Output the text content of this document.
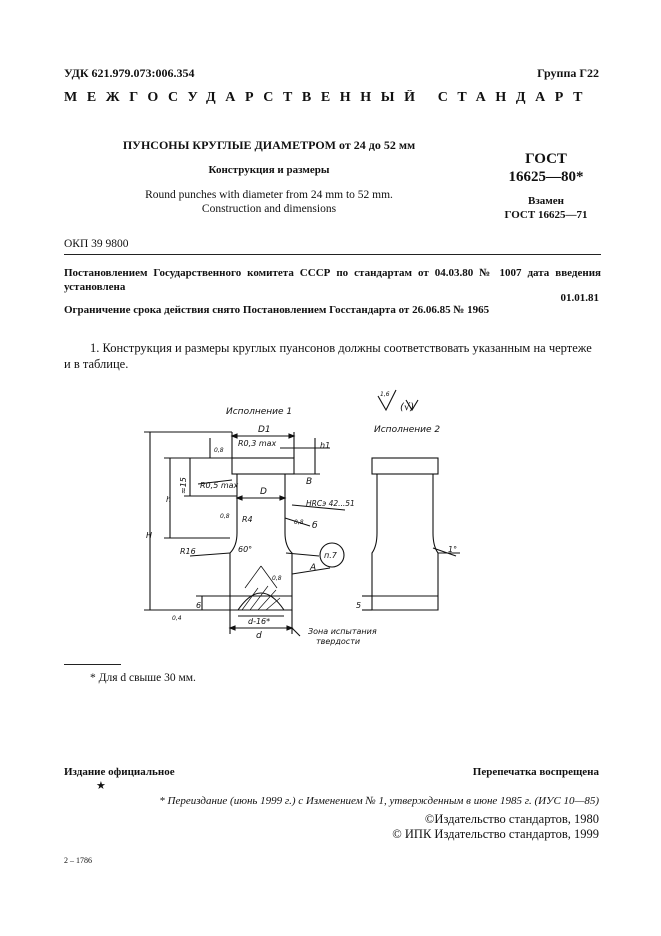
УДК 621.979.073:006.354	Группа Г22
МЕЖГОСУДАРСТВЕННЫЙ СТАНДАРТ
ПУНСОНЫ КРУГЛЫЕ ДИАМЕТРОМ от 24 до 52 мм
Конструкция и размеры
Round punches with diameter from 24 mm to 52 mm.
Construction and dimensions
ГОСТ
16625—80*
Взамен
ГОСТ 16625—71
ОКП 39 9800
Постановлением Государственного комитета СССР по стандартам от 04.03.80 № 1007 дата введения
установлена
01.01.81
Ограничение срока действия снято Постановлением Госстандарта от 26.06.85 № 1965
1. Конструкция и размеры круглых пуансонов должны соответствовать указанным на чертеже и в таблице.
Исполнение 1
Исполнение 2
1,6
(√)
D1
R0,3 max
R0,5 max
≈15
h1
h
H
D
R4
R16
В
HRCэ 42...51
б
А
п.7
60°	1°
d-16*
d
6	5
0,8
0,8
0,8
0,8
0,4
Зона испытания
твердости
* Для d свыше 30 мм.
Издание официальное
★
Перепечатка воспрещена
* Переиздание (июнь 1999 г.) с Изменением № 1, утвержденным в июне 1985 г. (ИУС 10—85)
©Издательство стандартов, 1980
© ИПК Издательство стандартов, 1999
2 – 1786
